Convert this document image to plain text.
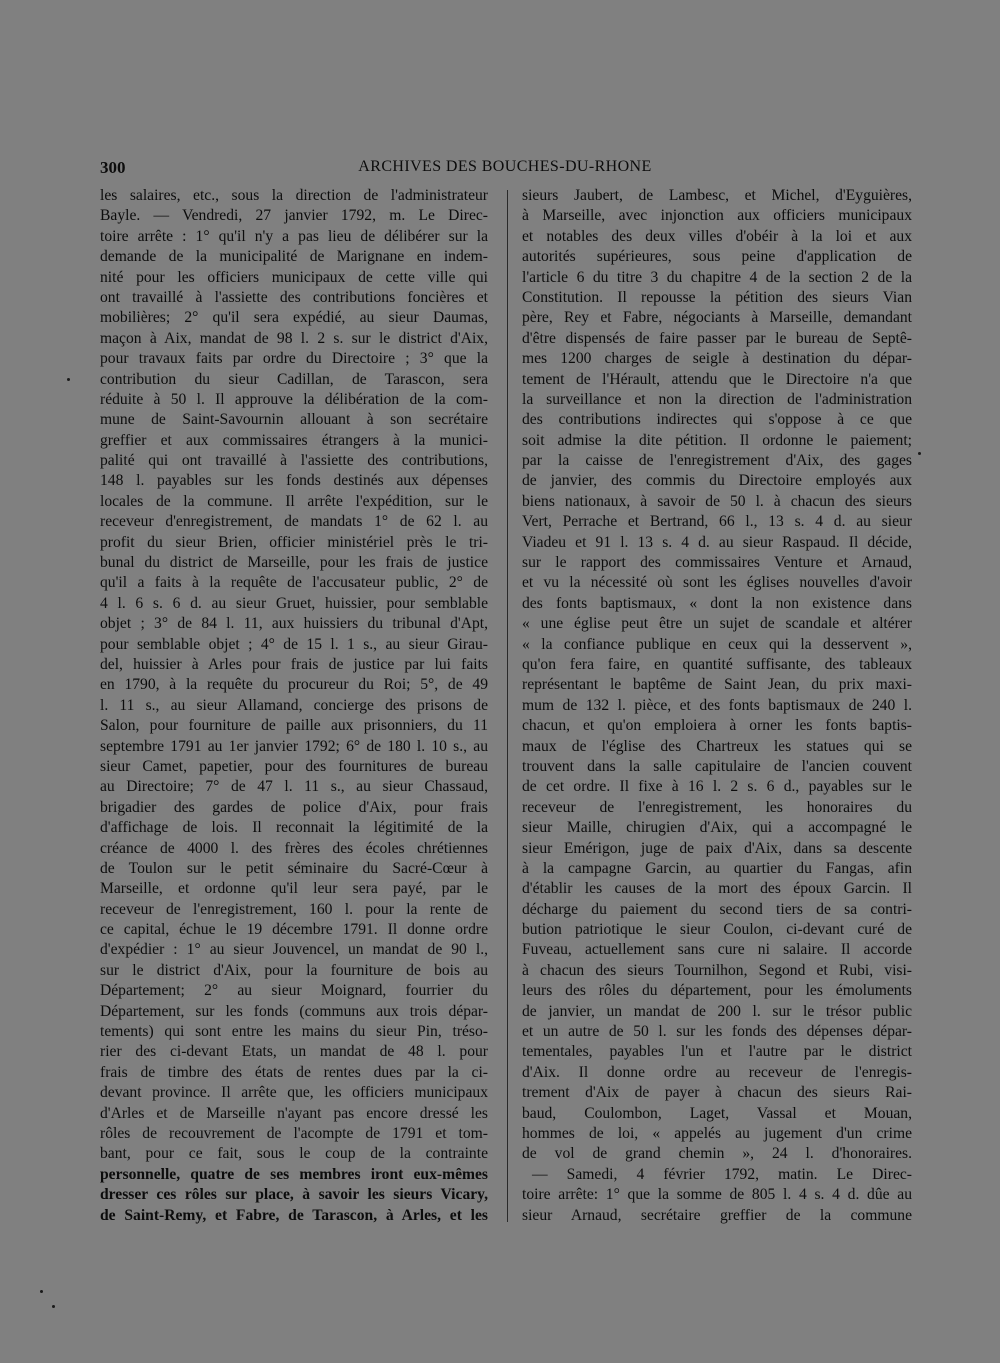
300	ARCHIVES DES BOUCHES-DU-RHONE
les salaires, etc., sous la direction de l'administrateur
Bayle. — Vendredi, 27 janvier 1792, m. Le Direc-
toire arrête : 1° qu'il n'y a pas lieu de délibérer sur la
demande de la municipalité de Marignane en indem-
nité pour les officiers municipaux de cette ville qui
ont travaillé à l'assiette des contributions foncières et
mobilières; 2° qu'il sera expédié, au sieur Daumas,
maçon à Aix, mandat de 98 l. 2 s. sur le district d'Aix,
pour travaux faits par ordre du Directoire ; 3° que la
contribution du sieur Cadillan, de Tarascon, sera
réduite à 50 l. Il approuve la délibération de la com-
mune de Saint-Savournin allouant à son secrétaire
greffier et aux commissaires étrangers à la munici-
palité qui ont travaillé à l'assiette des contributions,
148 l. payables sur les fonds destinés aux dépenses
locales de la commune. Il arrête l'expédition, sur le
receveur d'enregistrement, de mandats 1° de 62 l. au
profit du sieur Brien, officier ministériel près le tri-
bunal du district de Marseille, pour les frais de justice
qu'il a faits à la requête de l'accusateur public, 2° de
4 l. 6 s. 6 d. au sieur Gruet, huissier, pour semblable
objet ; 3° de 84 l. 11, aux huissiers du tribunal d'Apt,
pour semblable objet ; 4° de 15 l. 1 s., au sieur Girau-
del, huissier à Arles pour frais de justice par lui faits
en 1790, à la requête du procureur du Roi; 5°, de 49
l. 11 s., au sieur Allamand, concierge des prisons de
Salon, pour fourniture de paille aux prisonniers, du 11
septembre 1791 au 1er janvier 1792; 6° de 180 l. 10 s., au
sieur Camet, papetier, pour des fournitures de bureau
au Directoire; 7° de 47 l. 11 s., au sieur Chassaud,
brigadier des gardes de police d'Aix, pour frais
d'affichage de lois. Il reconnait la légitimité de la
créance de 4000 l. des frères des écoles chrétiennes
de Toulon sur le petit séminaire du Sacré-Cœur à
Marseille, et ordonne qu'il leur sera payé, par le
receveur de l'enregistrement, 160 l. pour la rente de
ce capital, échue le 19 décembre 1791. Il donne ordre
d'expédier : 1° au sieur Jouvencel, un mandat de 90 l.,
sur le district d'Aix, pour la fourniture de bois au
Département; 2° au sieur Moignard, fourrier du
Département, sur les fonds (communs aux trois dépar-
tements) qui sont entre les mains du sieur Pin, tréso-
rier des ci-devant Etats, un mandat de 48 l. pour
frais de timbre des états de rentes dues par la ci-
devant province. Il arrête que, les officiers municipaux
d'Arles et de Marseille n'ayant pas encore dressé les
rôles de recouvrement de l'acompte de 1791 et tom-
bant, pour ce fait, sous le coup de la contrainte
personnelle, quatre de ses membres iront eux-mêmes
dresser ces rôles sur place, à savoir les sieurs Vicary,
de Saint-Remy, et Fabre, de Tarascon, à Arles, et les
sieurs Jaubert, de Lambesc, et Michel, d'Eyguières,
à Marseille, avec injonction aux officiers municipaux
et notables des deux villes d'obéir à la loi et aux
autorités supérieures, sous peine d'application de
l'article 6 du titre 3 du chapitre 4 de la section 2 de la
Constitution. Il repousse la pétition des sieurs Vian
père, Rey et Fabre, négociants à Marseille, demandant
d'être dispensés de faire passer par le bureau de Septê-
mes 1200 charges de seigle à destination du dépar-
tement de l'Hérault, attendu que le Directoire n'a que
la surveillance et non la direction de l'administration
des contributions indirectes qui s'oppose à ce que
soit admise la dite pétition. Il ordonne le paiement;
par la caisse de l'enregistrement d'Aix, des gages
de janvier, des commis du Directoire employés aux
biens nationaux, à savoir de 50 l. à chacun des sieurs
Vert, Perrache et Bertrand, 66 l., 13 s. 4 d. au sieur
Viadeu et 91 l. 13 s. 4 d. au sieur Raspaud. Il décide,
sur le rapport des commissaires Venture et Arnaud,
et vu la nécessité où sont les églises nouvelles d'avoir
des fonts baptismaux, « dont la non existence dans
« une église peut être un sujet de scandale et altérer
« la confiance publique en ceux qui la desservent »,
qu'on fera faire, en quantité suffisante, des tableaux
représentant le baptême de Saint Jean, du prix maxi-
mum de 132 l. pièce, et des fonts baptismaux de 240 l.
chacun, et qu'on emploiera à orner les fonts baptis-
maux de l'église des Chartreux les statues qui se
trouvent dans la salle capitulaire de l'ancien couvent
de cet ordre. Il fixe à 16 l. 2 s. 6 d., payables sur le
receveur de l'enregistrement, les honoraires du
sieur Maille, chirugien d'Aix, qui a accompagné le
sieur Emérigon, juge de paix d'Aix, dans sa descente
à la campagne Garcin, au quartier du Fangas, afin
d'établir les causes de la mort des époux Garcin. Il
décharge du paiement du second tiers de sa contri-
bution patriotique le sieur Coulon, ci-devant curé de
Fuveau, actuellement sans cure ni salaire. Il accorde
à chacun des sieurs Tournilhon, Segond et Rubi, visi-
leurs des rôles du département, pour les émoluments
de janvier, un mandat de 200 l. sur le trésor public
et un autre de 50 l. sur les fonds des dépenses dépar-
tementales, payables l'un et l'autre par le district
d'Aix. Il donne ordre au receveur de l'enregis-
trement d'Aix de payer à chacun des sieurs Rai-
baud, Coulombon, Laget, Vassal et Mouan,
hommes de loi, « appelés au jugement d'un crime
de vol de grand chemin », 24 l. d'honoraires.
— Samedi, 4 février 1792, matin. Le Direc-
toire arrête: 1° que la somme de 805 l. 4 s. 4 d. dûe au
sieur Arnaud, secrétaire greffier de la commune
